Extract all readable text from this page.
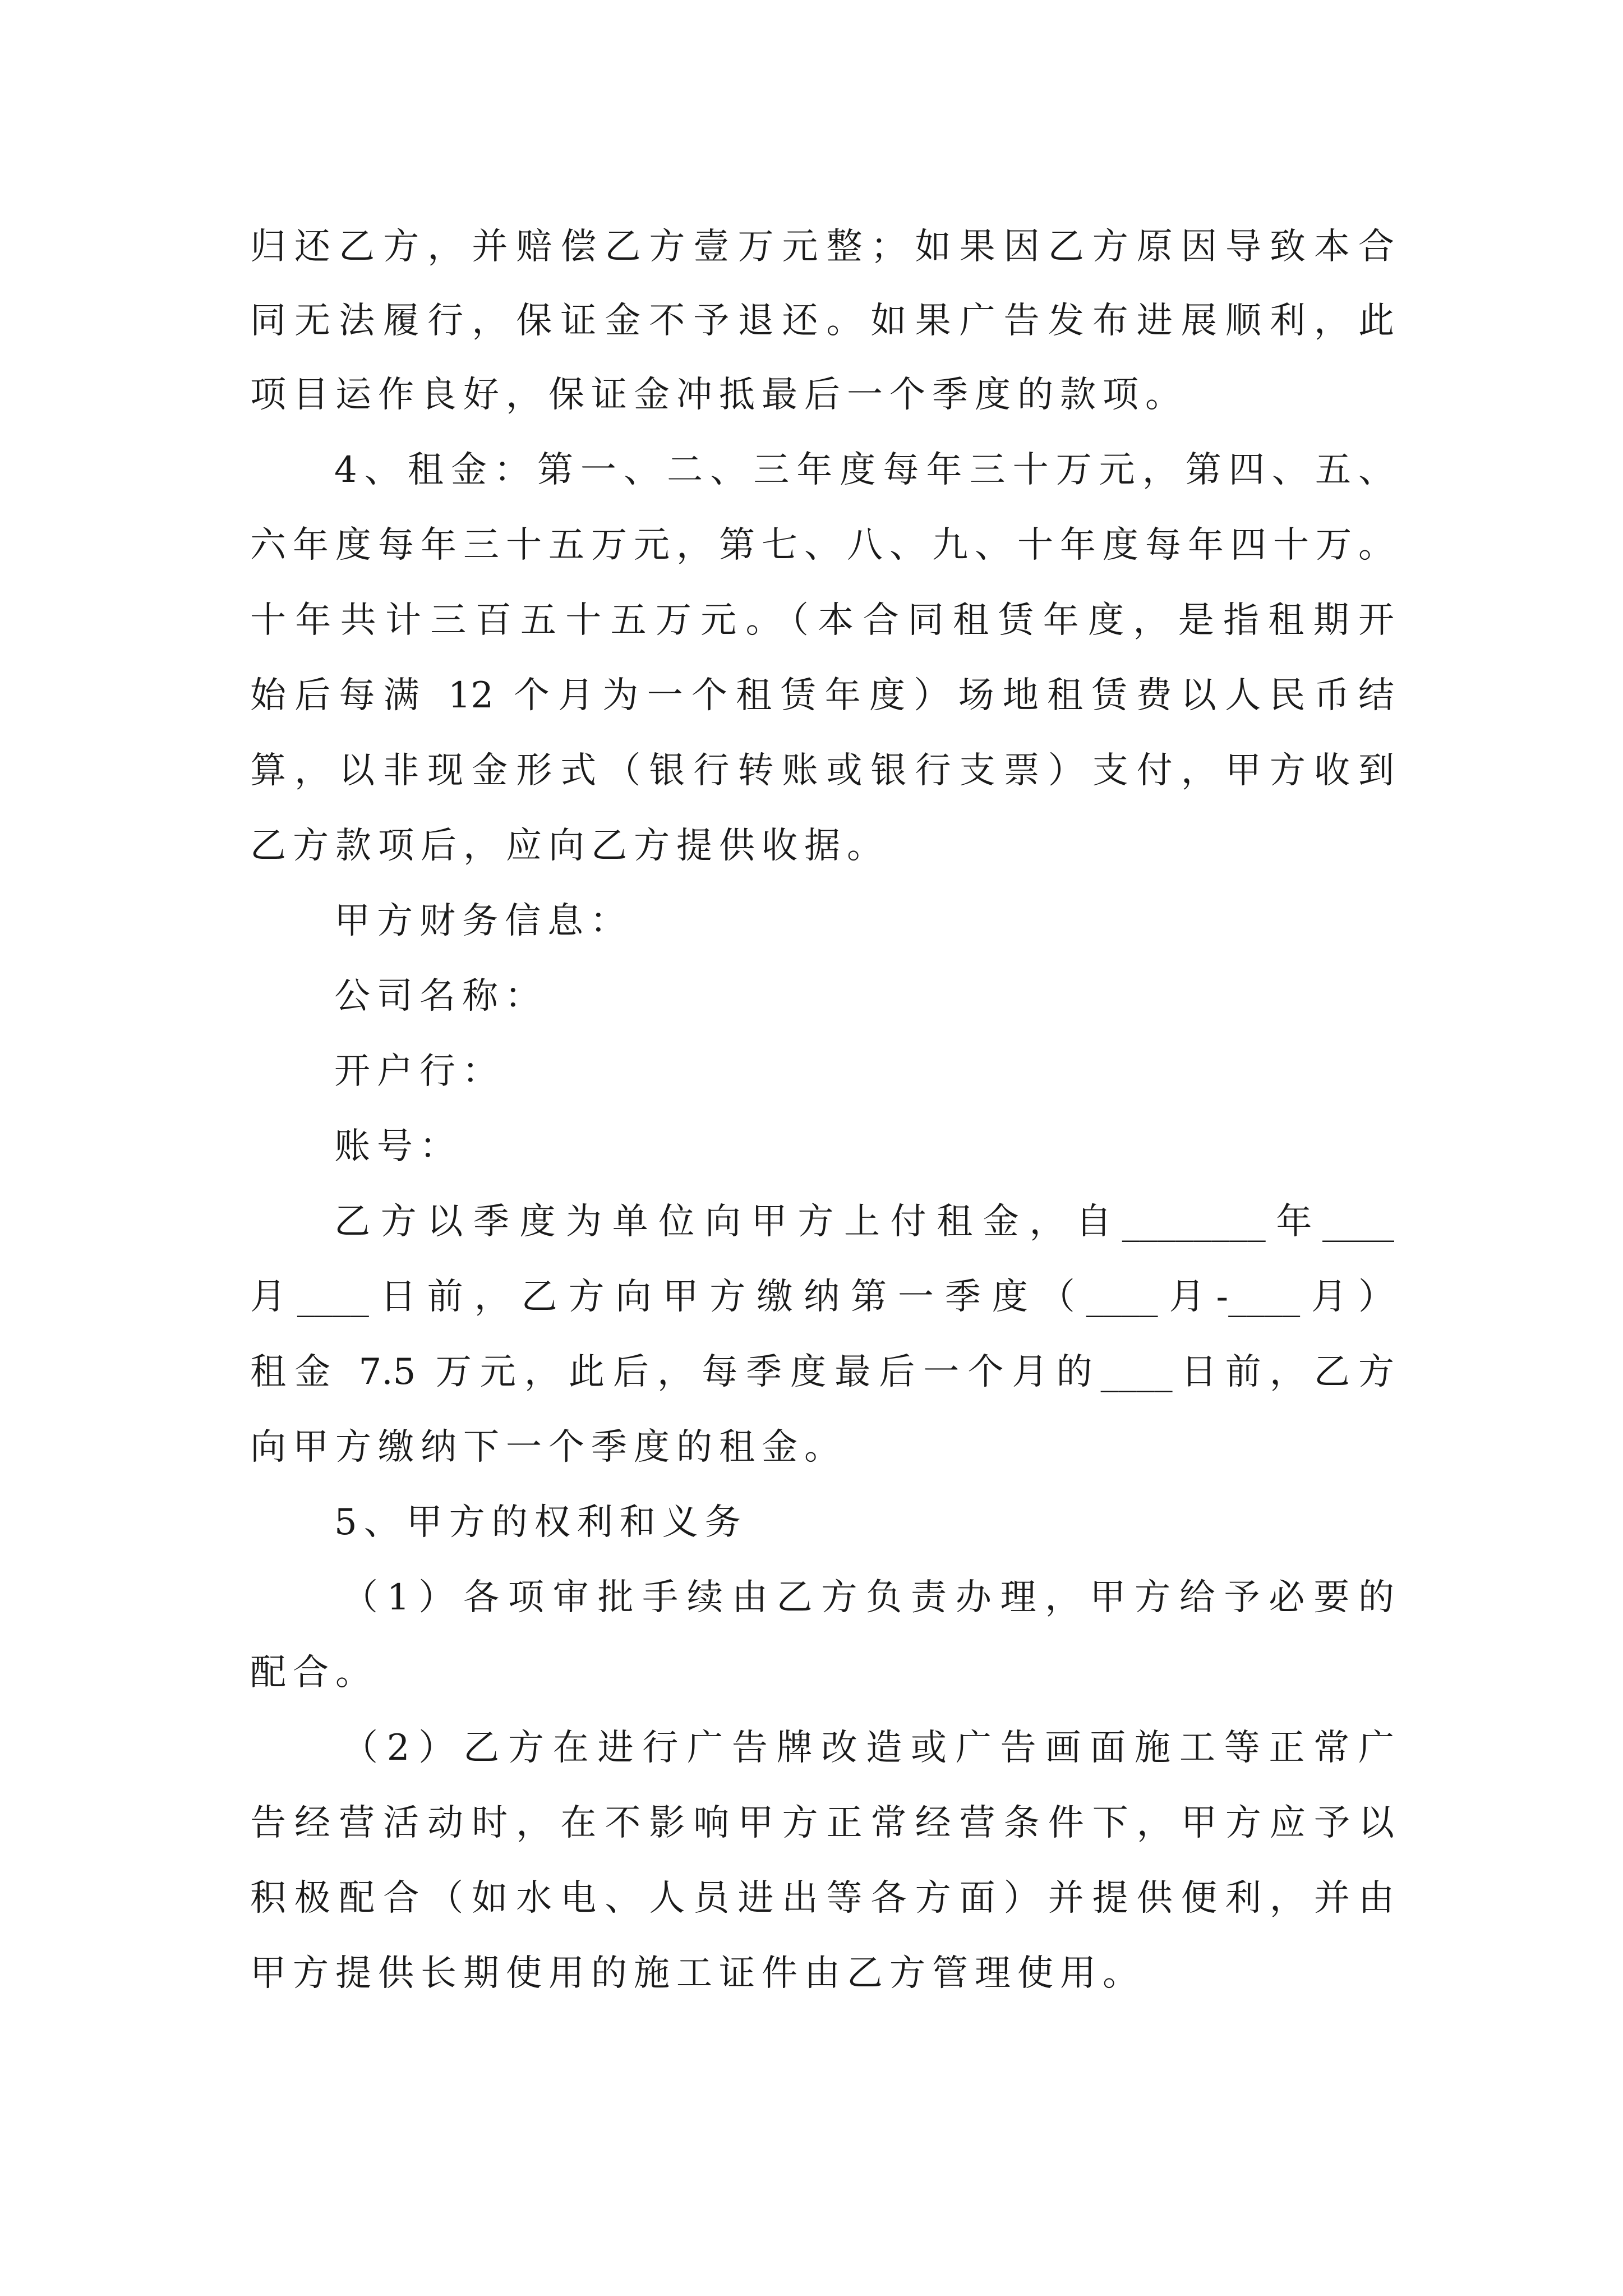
归还乙方，并赔偿乙方壹万元整；如果因乙方原因导致本合
同无法履行，保证金不予退还。如果广告发布进展顺利，此
项目运作良好，保证金冲抵最后一个季度的款项。
4、租金：第一、二、三年度每年三十万元，第四、五、
六年度每年三十五万元，第七、八、九、十年度每年四十万。
十年共计三百五十五万元。（本合同租赁年度，是指租期开
始后每满 12 个月为一个租赁年度）场地租赁费以人民币结
算，以非现金形式（银行转账或银行支票）支付，甲方收到
乙方款项后，应向乙方提供收据。
甲方财务信息：
公司名称：
开户行：
账号：
乙方以季度为单位向甲方上付租金，自________年____
月____日前，乙方向甲方缴纳第一季度（____月-____月）
租金 7.5 万元，此后，每季度最后一个月的____日前，乙方
向甲方缴纳下一个季度的租金。
5、甲方的权利和义务
（1）各项审批手续由乙方负责办理，甲方给予必要的
配合。
（2）乙方在进行广告牌改造或广告画面施工等正常广
告经营活动时，在不影响甲方正常经营条件下，甲方应予以
积极配合（如水电、人员进出等各方面）并提供便利，并由
甲方提供长期使用的施工证件由乙方管理使用。
